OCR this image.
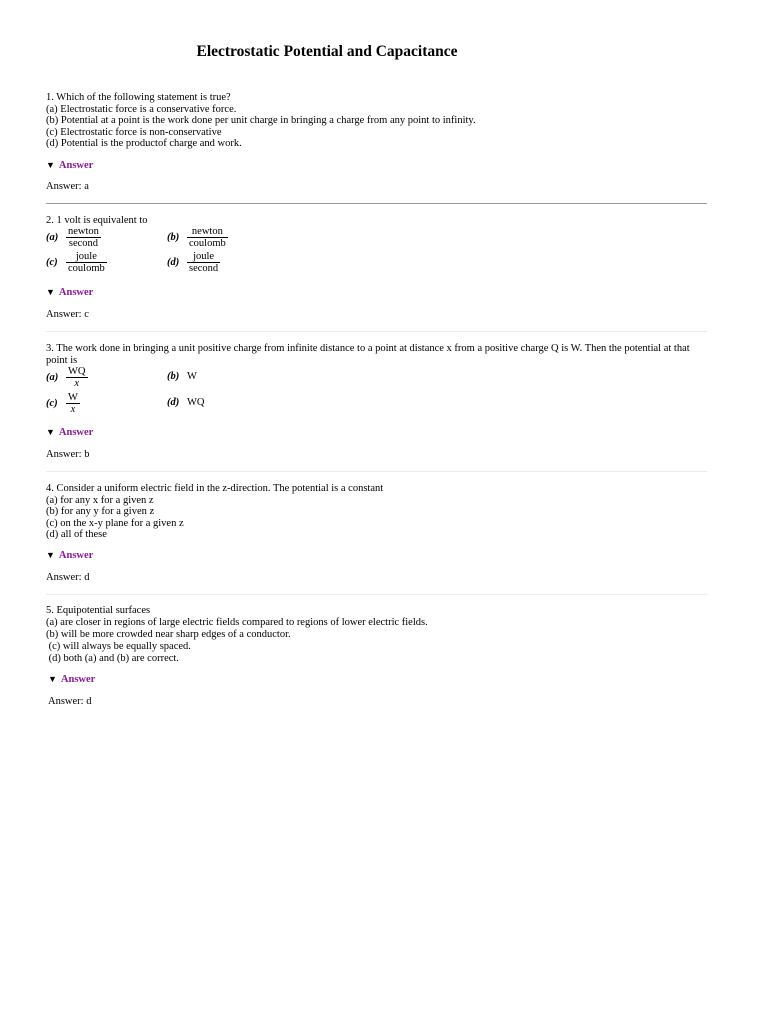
Electrostatic Potential and Capacitance
1. Which of the following statement is true?
(a) Electrostatic force is a conservative force.
(b) Potential at a point is the work done per unit charge in bringing a charge from any point to infinity.
(c) Electrostatic force is non-conservative
(d) Potential is the productof charge and work.
▼ Answer
Answer: a
2. 1 volt is equivalent to
$(a) \frac{\text{newton}}{\text{second}}$	$(b) \frac{\text{newton}}{\text{coulomb}}$
$(c) \frac{\text{joule}}{\text{coulomb}}$	$(d) \frac{\text{joule}}{\text{second}}$
▼ Answer
Answer: c
3. The work done in bringing a unit positive charge from infinite distance to a point at distance x from a positive charge Q is W. Then the potential at that point is
$(a) \frac{WQ}{x}$	(b) W
$(c) \frac{W}{x}$	(d) WQ
▼ Answer
Answer: b
4. Consider a uniform electric field in the z-direction. The potential is a constant
(a) for any x for a given z
(b) for any y for a given z
(c) on the x-y plane for a given z
(d) all of these
▼ Answer
Answer: d
5. Equipotential surfaces
(a) are closer in regions of large electric fields compared to regions of lower electric fields.
(b) will be more crowded near sharp edges of a conductor.
(c) will always be equally spaced.
(d) both (a) and (b) are correct.
▼ Answer
Answer: d
